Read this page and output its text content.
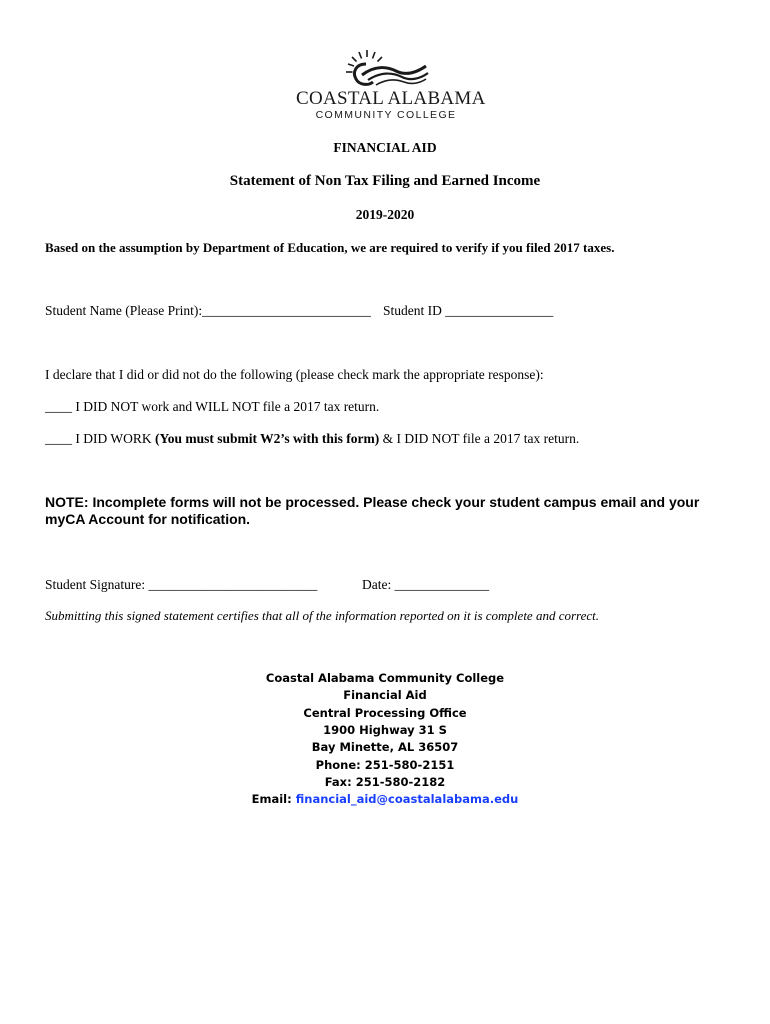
COASTAL ALABAMA
COMMUNITY COLLEGE
FINANCIAL AID
Statement of Non Tax Filing and Earned Income
2019-2020
Based on the assumption by Department of Education, we are required to verify if you filed 2017 taxes.
Student Name (Please Print):_________________________ Student ID ________________
I declare that I did or did not do the following (please check mark the appropriate response):
____ I DID NOT work and WILL NOT file a 2017 tax return.
____ I DID WORK (You must submit W2’s with this form) & I DID NOT file a 2017 tax return.
NOTE: Incomplete forms will not be processed. Please check your student campus email and your
myCA Account for notification.
Student Signature: _________________________	Date: ______________
Submitting this signed statement certifies that all of the information reported on it is complete and correct.
Coastal Alabama Community College
Financial Aid
Central Processing Office
1900 Highway 31 S
Bay Minette, AL 36507
Phone: 251-580-2151
Fax: 251-580-2182
Email: financial_aid@coastalalabama.edu
